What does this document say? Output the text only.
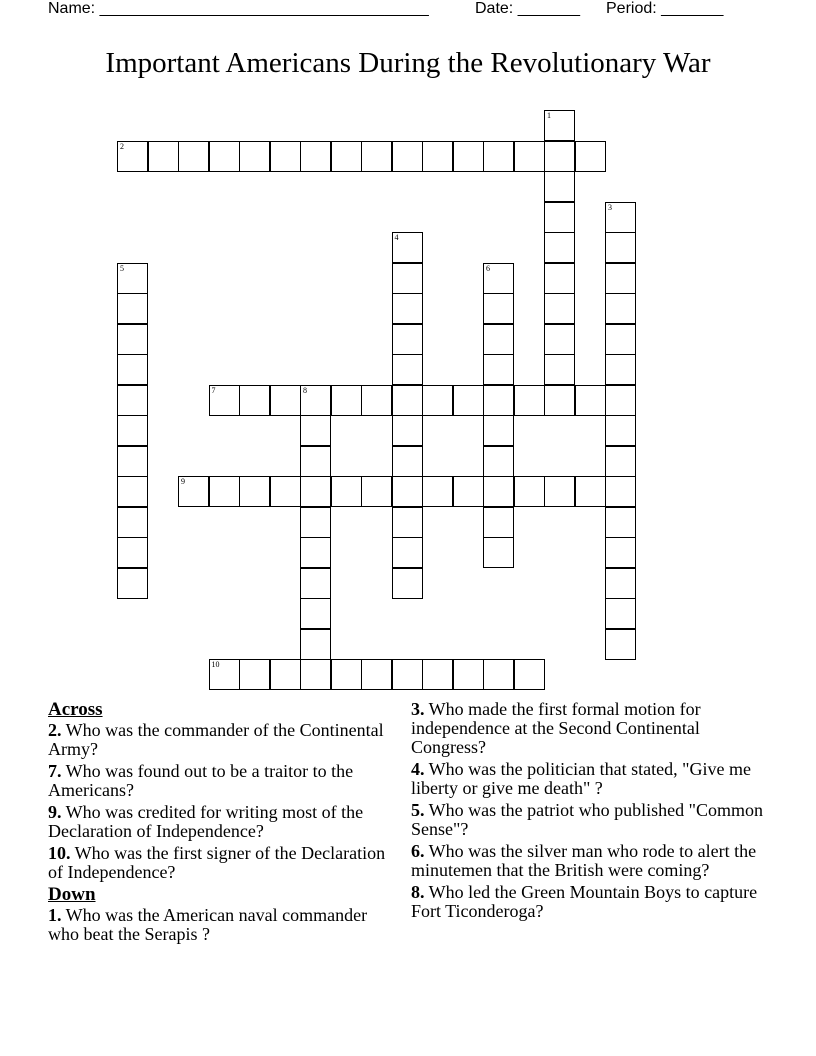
Name: _____________________________________	Date: _______ Period: _______
Important Americans During the Revolutionary War
1
2
3
4
5	6
7	8
9
10
Across
2. Who was the commander of the Continental Army?
7. Who was found out to be a traitor to the Americans?
9. Who was credited for writing most of the Declaration of Independence?
10. Who was the first signer of the Declaration of Independence?
Down
1. Who was the American naval commander who beat the Serapis ?
3. Who made the first formal motion for independence at the Second Continental Congress?
4. Who was the politician that stated, "Give me liberty or give me death" ?
5. Who was the patriot who published "Common Sense"?
6. Who was the silver man who rode to alert the minutemen that the British were coming?
8. Who led the Green Mountain Boys to capture Fort Ticonderoga?
